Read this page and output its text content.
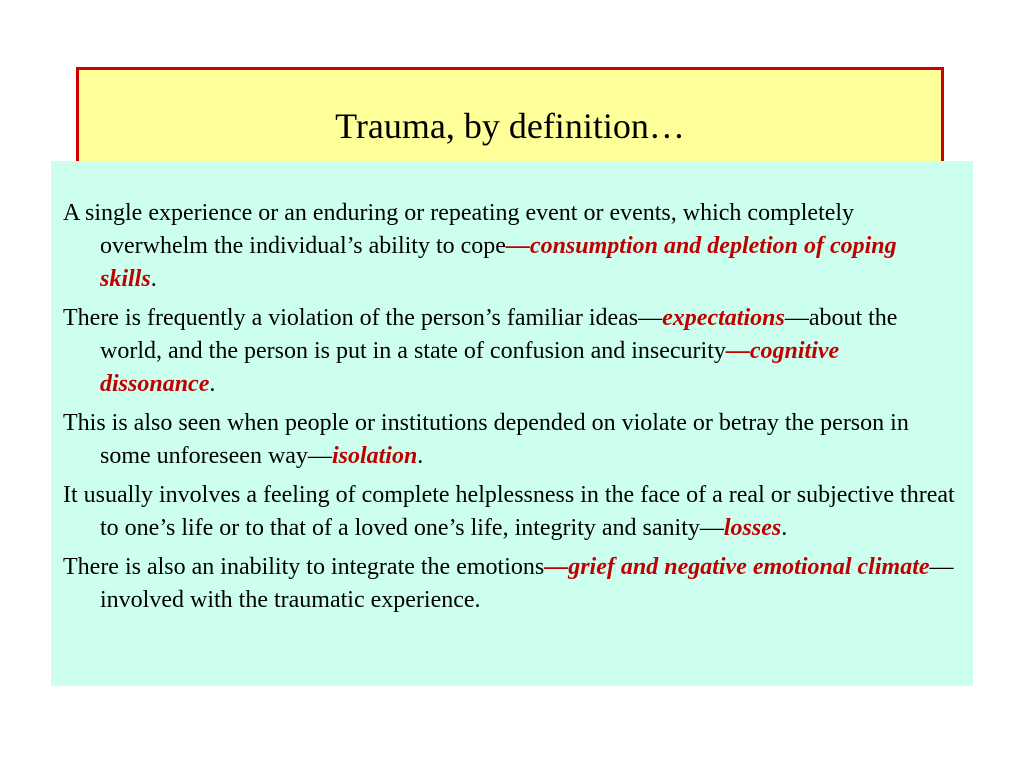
Trauma, by definition…

A single experience or an enduring or repeating event or events, which completely overwhelm the individual’s ability to cope—consumption and depletion of coping skills.

There is frequently a violation of the person’s familiar ideas—expectations—about the world, and the person is put in a state of confusion and insecurity—cognitive dissonance.

This is also seen when people or institutions depended on violate or betray the person in some unforeseen way—isolation.

It usually involves a feeling of complete helplessness in the face of a real or subjective threat to one’s life or to that of a loved one’s life, integrity and sanity—losses.

There is also an inability to integrate the emotions—grief and negative emotional climate—involved with the traumatic experience.
